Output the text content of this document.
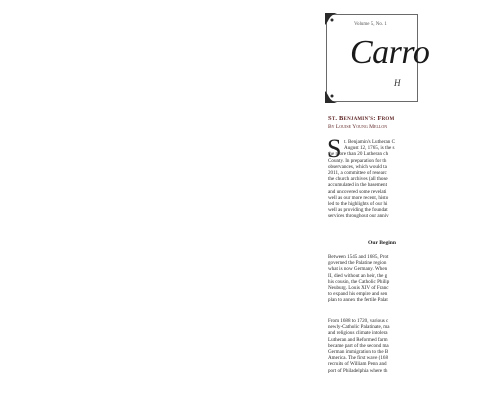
Volume 5, No. 1
Carro
H
St. Benjamin's: From
By Louise Young Mellon
S t. Benjamin's Lutheran C
August 12, 1765, is the s
the more than 20 Lutheran ch
County. In preparation for th
observances, which would ta
2011, a committee of researc
the church archives (all those
accumulated in the basement
and uncovered some revelati
well as our more recent, histo
led to the highlights of our hi
well as providing the foundat
services throughout our anniv
Our Beginn
Between 1545 and 1685, Prot
governed the Palatine region
what is now Germany. When
II, died without an heir, the g
his cousin, the Catholic Philip
Neuburg. Louis XIV of Franc
to expand his empire and sen
plan to annex the fertile Palat
From 1688 to 1720, various c
newly-Catholic Palatinate, ma
and religious climate intolera
Lutheran and Reformed farm
became part of the second ma
German immigration to the B
America. The first wave (168
recruits of William Penn and
port of Philadelphia where th
